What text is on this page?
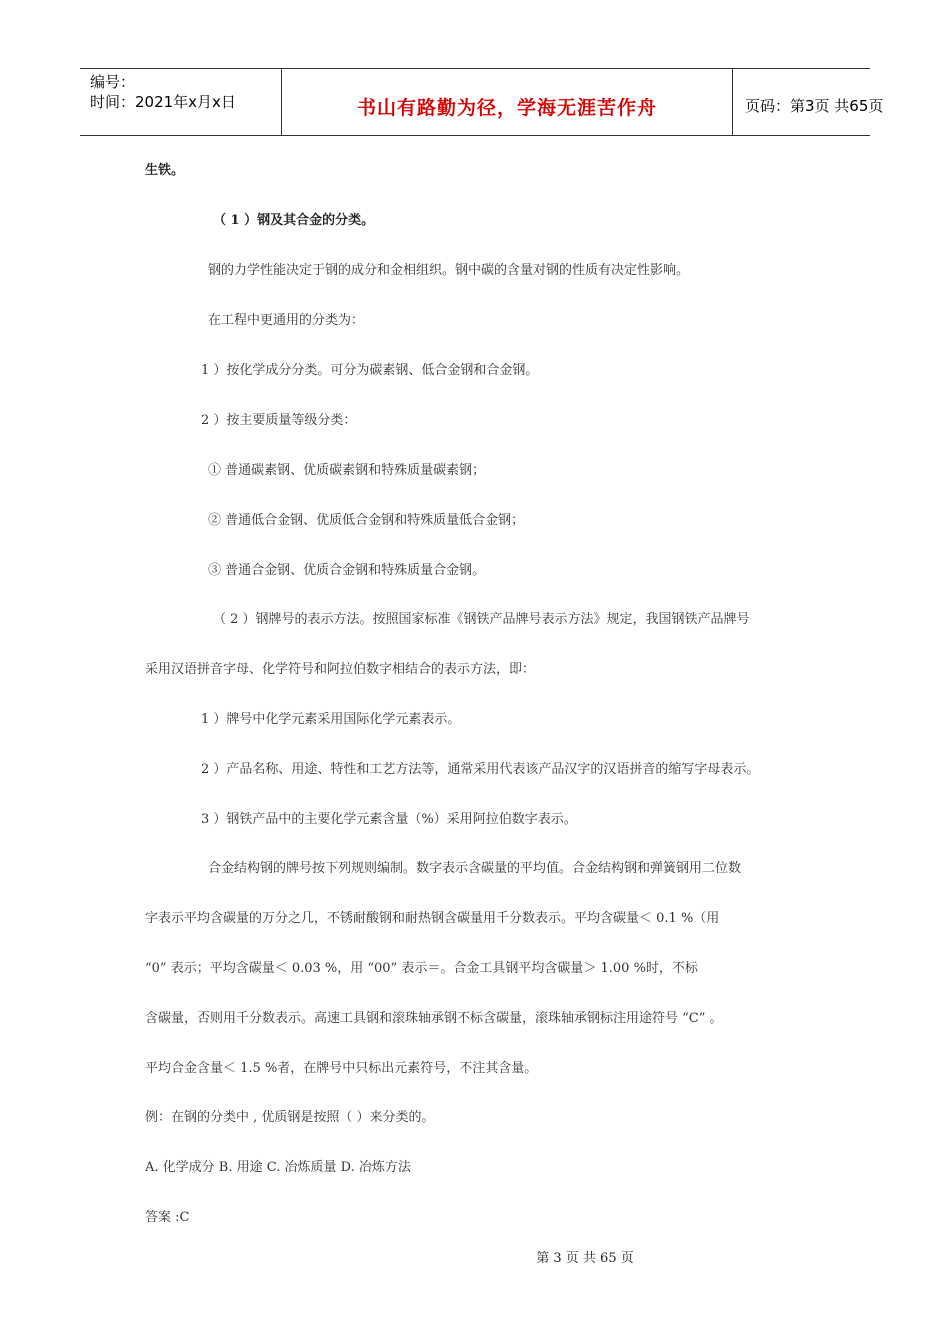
编号：
时间：2021年x月x日	书山有路勤为径，学海无涯苦作舟	页码：第3页 共65页
生铁。
（ 1 ）钢及其合金的分类。
钢的力学性能决定于钢的成分和金相组织。钢中碳的含量对钢的性质有决定性影响。
在工程中更通用的分类为：
1 ）按化学成分分类。可分为碳素钢、低合金钢和合金钢。
2 ）按主要质量等级分类：
① 普通碳素钢、优质碳素钢和特殊质量碳素钢；
② 普通低合金钢、优质低合金钢和特殊质量低合金钢；
③ 普通合金钢、优质合金钢和特殊质量合金钢。
（ 2 ）钢牌号的表示方法。按照国家标准《钢铁产品牌号表示方法》规定，我国钢铁产品牌号
采用汉语拼音字母、化学符号和阿拉伯数字相结合的表示方法，即：
1 ）牌号中化学元素采用国际化学元素表示。
2 ）产品名称、用途、特性和工艺方法等，通常采用代表该产品汉字的汉语拼音的缩写字母表示。
3 ）钢铁产品中的主要化学元素含量（%）采用阿拉伯数字表示。
合金结构钢的牌号按下列规则编制。数字表示含碳量的平均值。合金结构钢和弹簧钢用二位数
字表示平均含碳量的万分之几，不锈耐酸钢和耐热钢含碳量用千分数表示。平均含碳量＜ 0.1 %（用
“0” 表示；平均含碳量＜ 0.03 %，用 “00” 表示＝。合金工具钢平均含碳量＞ 1.00 %时，不标
含碳量，否则用千分数表示。高速工具钢和滚珠轴承钢不标含碳量，滚珠轴承钢标注用途符号 “C” 。
平均合金含量＜ 1.5 %者，在牌号中只标出元素符号，不注其含量。
例：在钢的分类中 , 优质钢是按照（ ）来分类的。
A. 化学成分 B. 用途 C. 冶炼质量 D. 冶炼方法
答案 :C
第 3 页 共 65 页
